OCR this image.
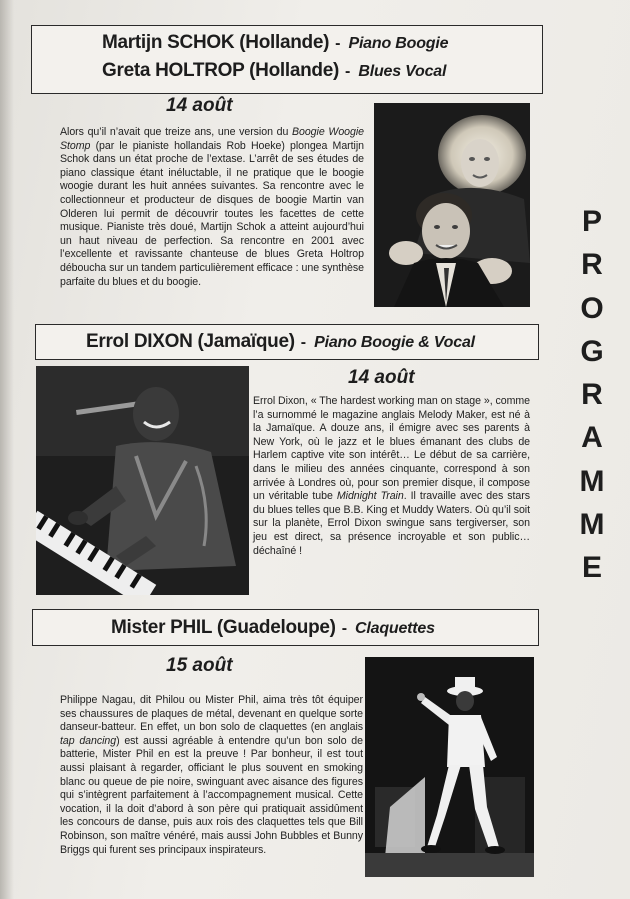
Martijn SCHOK (Hollande) - Piano Boogie
Greta HOLTROP (Hollande) - Blues Vocal
14 août
Alors qu’il n’avait que treize ans, une version du Boogie Woogie Stomp (par le pianiste hollandais Rob Hoeke) plongea Martijn Schok dans un état proche de l’extase. L’arrêt de ses études de piano classique étant inéluctable, il ne pratique que le boogie woogie durant les huit années suivantes. Sa rencontre avec le collectionneur et producteur de disques de boogie Martin van Olderen lui permit de découvrir toutes les facettes de cette musique. Pianiste très doué, Martijn Schok a atteint aujourd’hui un haut niveau de perfection. Sa rencontre en 2001 avec l’excellente et ravissante chanteuse de blues Greta Holtrop déboucha sur un tandem particulièrement efficace : une synthèse parfaite du blues et du boogie.
P
R
O
G
R
A
M
M
E
Errol DIXON (Jamaïque) - Piano Boogie & Vocal
14 août
Errol Dixon, « The hardest working man on stage », comme l’a surnommé le magazine anglais Melody Maker, est né à la Jamaïque. A douze ans, il émigre avec ses parents à New York, où le jazz et le blues émanant des clubs de Harlem captive vite son intérêt… Le début de sa carrière, dans le milieu des années cinquante, correspond à son arrivée à Londres où, pour son premier disque, il compose un véritable tube Midnight Train. Il travaille avec des stars du blues telles que B.B. King et Muddy Waters. Où qu’il soit sur la planète, Errol Dixon swingue sans tergiverser, son jeu est direct, sa présence incroyable et son public… déchaîné !
Mister PHIL (Guadeloupe) - Claquettes
15 août
Philippe Nagau, dit Philou ou Mister Phil, aima très tôt équiper ses chaussures de plaques de métal, devenant en quelque sorte danseur-batteur. En effet, un bon solo de claquettes (en anglais tap dancing) est aussi agréable à entendre qu’un bon solo de batterie, Mister Phil en est la preuve ! Par bonheur, il est tout aussi plaisant à regarder, officiant le plus souvent en smoking blanc ou queue de pie noire, swinguant avec aisance des figures qui s’intègrent parfaitement à l’accompagnement musical. Cette vocation, il la doit d’abord à son père qui pratiquait assidûment les concours de danse, puis aux rois des claquettes tels que Bill Robinson, son maître vénéré, mais aussi John Bubbles et Bunny Briggs qui furent ses principaux inspirateurs.
